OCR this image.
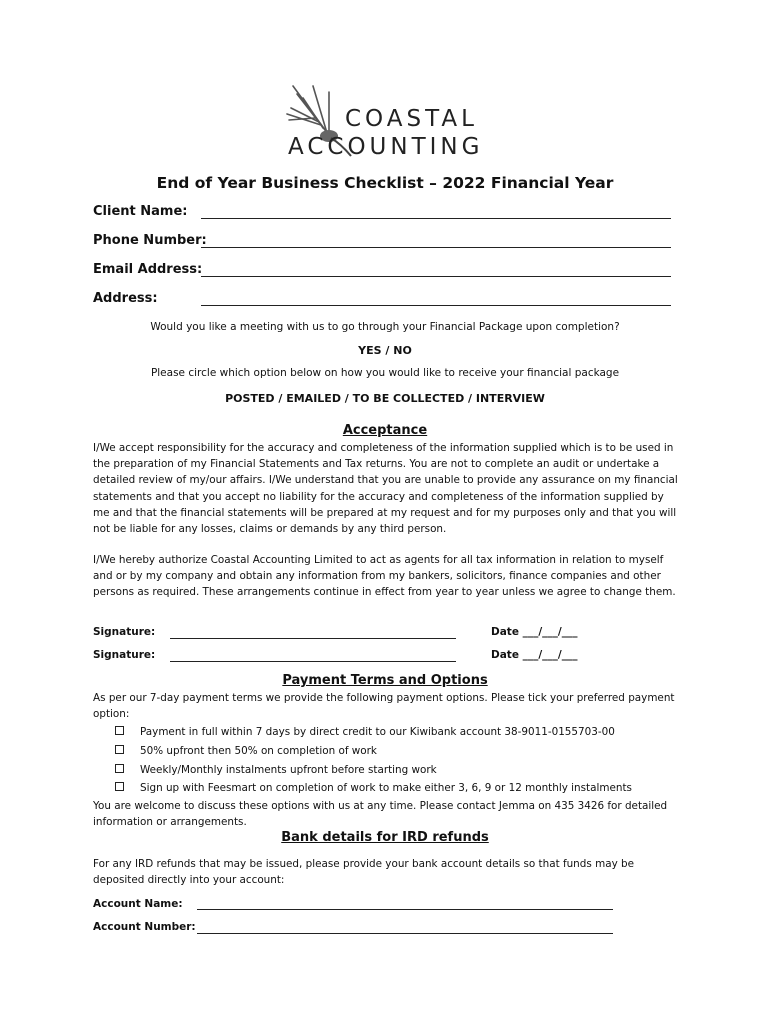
COASTAL
ACCOUNTING
End of Year Business Checklist – 2022 Financial Year
Client Name:
Phone Number:
Email Address:
Address:
Would you like a meeting with us to go through your Financial Package upon completion?
YES / NO
Please circle which option below on how you would like to receive your financial package
POSTED / EMAILED / TO BE COLLECTED / INTERVIEW
Acceptance
I/We accept responsibility for the accuracy and completeness of the information supplied which is to be used in the preparation of my Financial Statements and Tax returns. You are not to complete an audit or undertake a detailed review of my/our affairs. I/We understand that you are unable to provide any assurance on my financial statements and that you accept no liability for the accuracy and completeness of the information supplied by me and that the financial statements will be prepared at my request and for my purposes only and that you will not be liable for any losses, claims or demands by any third person.
I/We hereby authorize Coastal Accounting Limited to act as agents for all tax information in relation to myself and or by my company and obtain any information from my bankers, solicitors, finance companies and other persons as required. These arrangements continue in effect from year to year unless we agree to change them.
Signature:	Date ___/___/___
Signature:	Date ___/___/___
Payment Terms and Options
As per our 7-day payment terms we provide the following payment options. Please tick your preferred payment option:
Payment in full within 7 days by direct credit to our Kiwibank account 38-9011-0155703-00
50% upfront then 50% on completion of work
Weekly/Monthly instalments upfront before starting work
Sign up with Feesmart on completion of work to make either 3, 6, 9 or 12 monthly instalments
You are welcome to discuss these options with us at any time. Please contact Jemma on 435 3426 for detailed information or arrangements.
Bank details for IRD refunds
For any IRD refunds that may be issued, please provide your bank account details so that funds may be deposited directly into your account:
Account Name:
Account Number:
